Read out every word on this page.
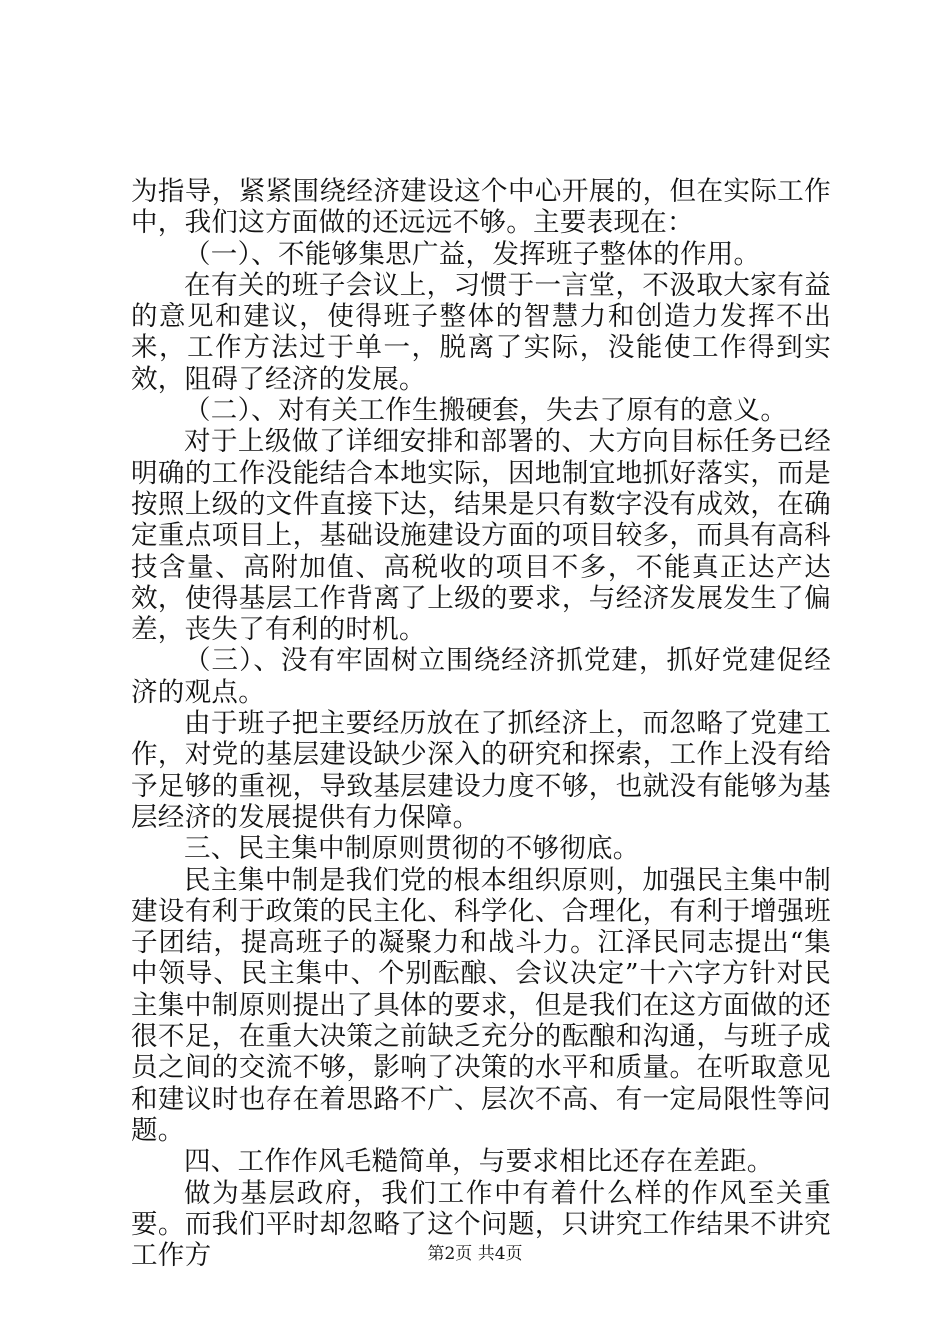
为指导，紧紧围绕经济建设这个中心开展的，但在实际工作中，我们这方面做的还远远不够。主要表现在：

（一）、不能够集思广益，发挥班子整体的作用。

在有关的班子会议上，习惯于一言堂，不汲取大家有益的意见和建议，使得班子整体的智慧力和创造力发挥不出来，工作方法过于单一，脱离了实际，没能使工作得到实效，阻碍了经济的发展。

（二）、对有关工作生搬硬套，失去了原有的意义。

对于上级做了详细安排和部署的、大方向目标任务已经明确的工作没能结合本地实际，因地制宜地抓好落实，而是按照上级的文件直接下达，结果是只有数字没有成效，在确定重点项目上，基础设施建设方面的项目较多，而具有高科技含量、高附加值、高税收的项目不多，不能真正达产达效，使得基层工作背离了上级的要求，与经济发展发生了偏差，丧失了有利的时机。

（三）、没有牢固树立围绕经济抓党建，抓好党建促经济的观点。

由于班子把主要经历放在了抓经济上，而忽略了党建工作，对党的基层建设缺少深入的研究和探索，工作上没有给予足够的重视，导致基层建设力度不够，也就没有能够为基层经济的发展提供有力保障。

三、民主集中制原则贯彻的不够彻底。

民主集中制是我们党的根本组织原则，加强民主集中制建设有利于政策的民主化、科学化、合理化，有利于增强班子团结，提高班子的凝聚力和战斗力。江泽民同志提出“集中领导、民主集中、个别酝酿、会议决定”十六字方针对民主集中制原则提出了具体的要求，但是我们在这方面做的还很不足，在重大决策之前缺乏充分的酝酿和沟通，与班子成员之间的交流不够，影响了决策的水平和质量。在听取意见和建议时也存在着思路不广、层次不高、有一定局限性等问题。

四、工作作风毛糙简单，与要求相比还存在差距。

做为基层政府，我们工作中有着什么样的作风至关重要。而我们平时却忽略了这个问题，只讲究工作结果不讲究工作方	第2页 共4页
